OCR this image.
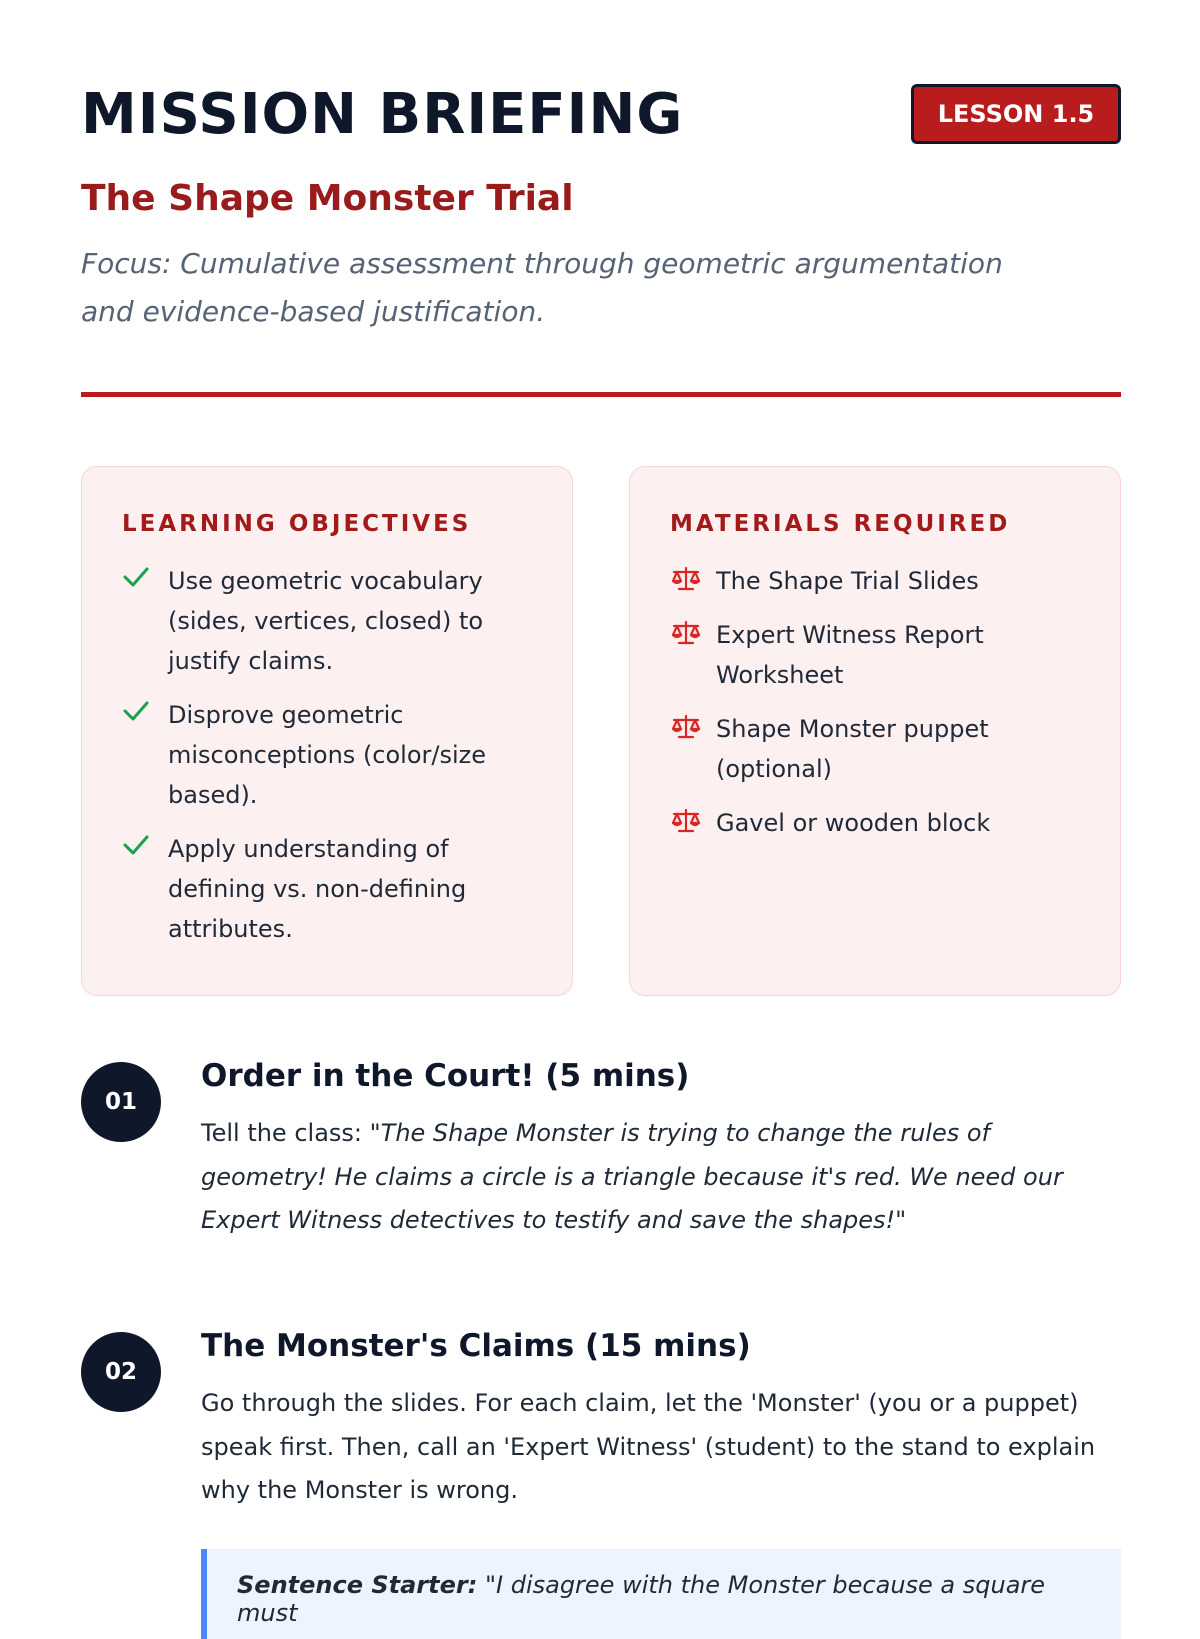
MISSION BRIEFING	LESSON 1.5
The Shape Monster Trial
Focus: Cumulative assessment through geometric argumentation and evidence-based justification.
LEARNING OBJECTIVES
Use geometric vocabulary (sides, vertices, closed) to justify claims.
Disprove geometric misconceptions (color/size based).
Apply understanding of defining vs. non-defining attributes.
MATERIALS REQUIRED
The Shape Trial Slides
Expert Witness Report Worksheet
Shape Monster puppet (optional)
Gavel or wooden block
01
Order in the Court! (5 mins)
Tell the class: "The Shape Monster is trying to change the rules of geometry! He claims a circle is a triangle because it's red. We need our Expert Witness detectives to testify and save the shapes!"
02
The Monster's Claims (15 mins)
Go through the slides. For each claim, let the 'Monster' (you or a puppet) speak first. Then, call an 'Expert Witness' (student) to the stand to explain why the Monster is wrong.
Sentence Starter: "I disagree with the Monster because a square must
